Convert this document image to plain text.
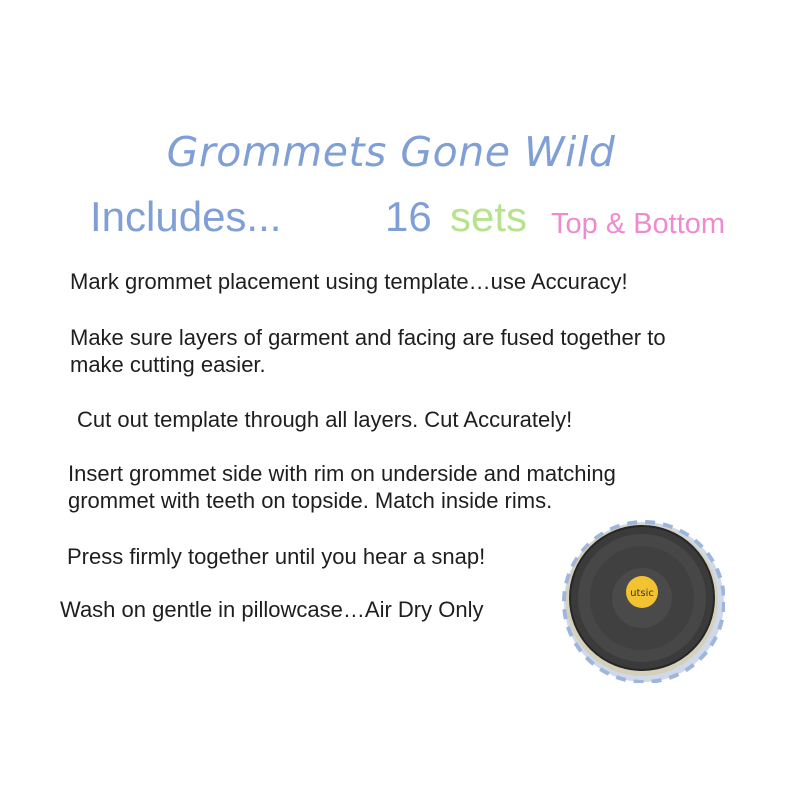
Grommets Gone Wild
Includes... 16 sets Top & Bottom

Mark grommet placement using template…use Accuracy!

Make sure layers of garment and facing are fused together to
make cutting easier.

Cut out template through all layers. Cut Accurately!

Insert grommet side with rim on underside and matching
grommet with teeth on topside. Match inside rims.

Press firmly together until you hear a snap!

Wash on gentle in pillowcase…Air Dry Only

utsic
